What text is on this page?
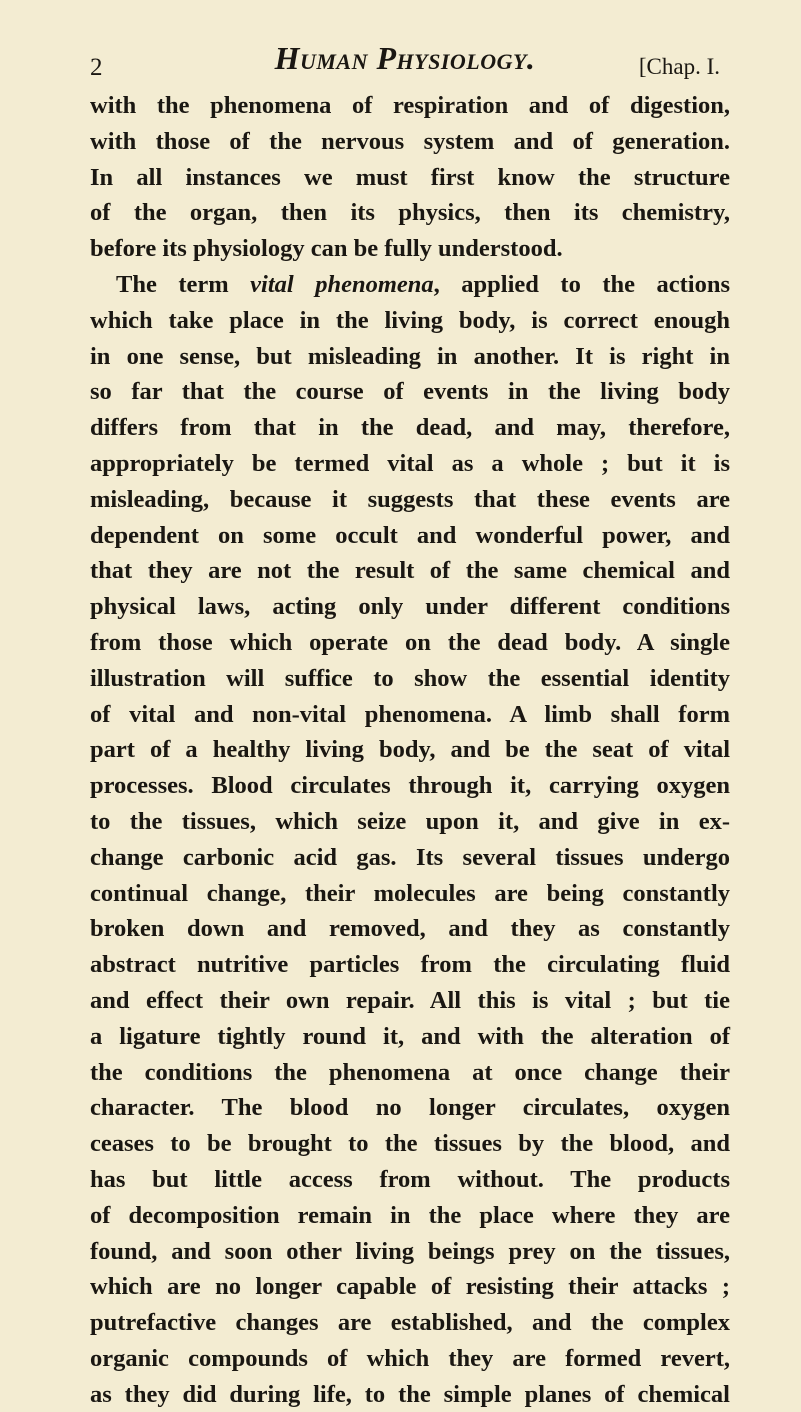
2	Human Physiology.	[Chap. I.
with the phenomena of respiration and of digestion,
with those of the nervous system and of generation.
In all instances we must first know the structure
of the organ, then its physics, then its chemistry,
before its physiology can be fully understood.
The term vital phenomena, applied to the actions
which take place in the living body, is correct enough
in one sense, but misleading in another. It is right in
so far that the course of events in the living body
differs from that in the dead, and may, therefore,
appropriately be termed vital as a whole ; but it is
misleading, because it suggests that these events are
dependent on some occult and wonderful power, and
that they are not the result of the same chemical and
physical laws, acting only under different conditions
from those which operate on the dead body. A single
illustration will suffice to show the essential identity
of vital and non-vital phenomena. A limb shall form
part of a healthy living body, and be the seat of vital
processes. Blood circulates through it, carrying oxygen
to the tissues, which seize upon it, and give in ex-
change carbonic acid gas. Its several tissues undergo
continual change, their molecules are being constantly
broken down and removed, and they as constantly
abstract nutritive particles from the circulating fluid
and effect their own repair. All this is vital ; but tie
a ligature tightly round it, and with the alteration of
the conditions the phenomena at once change their
character. The blood no longer circulates, oxygen
ceases to be brought to the tissues by the blood, and
has but little access from without. The products
of decomposition remain in the place where they are
found, and soon other living beings prey on the tissues,
which are no longer capable of resisting their attacks ;
putrefactive changes are established, and the complex
organic compounds of which they are formed revert,
as they did during life, to the simple planes of chemical
